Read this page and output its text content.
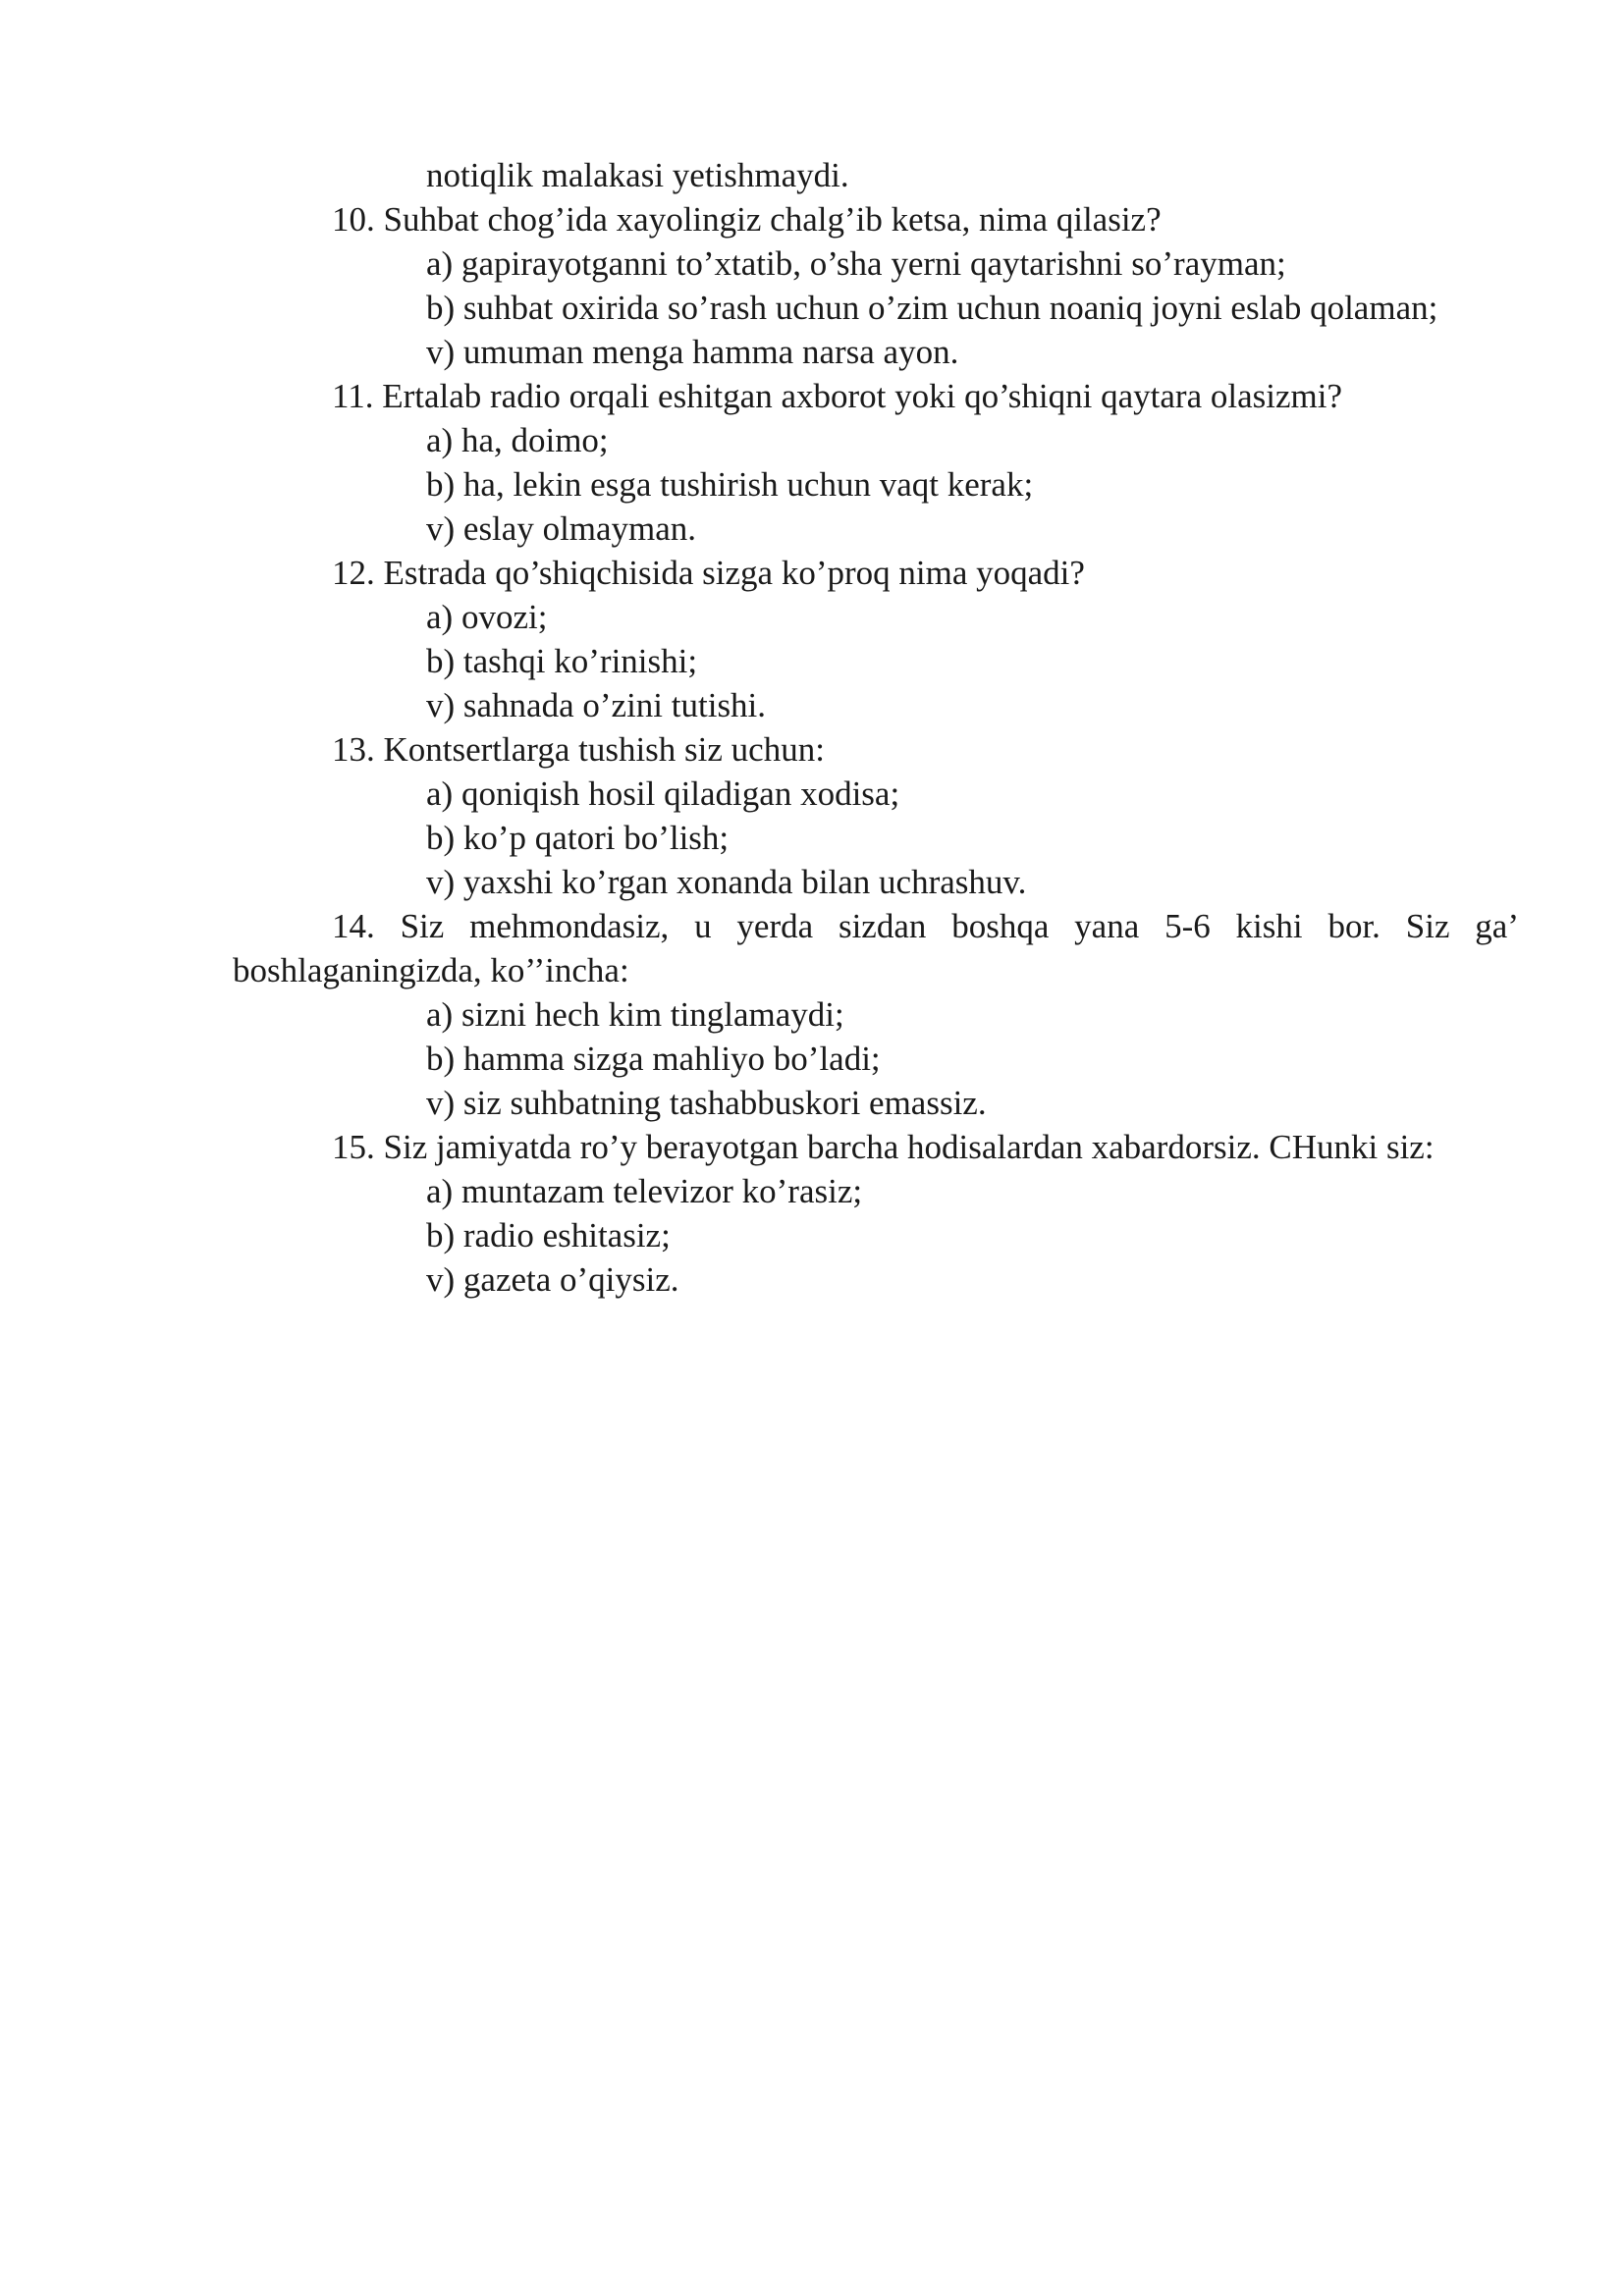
notiqlik malakasi yetishmaydi.

10. Suhbat chog’ida xayolingiz chalg’ib ketsa, nima qilasiz?

a) gapirayotganni to’xtatib, o’sha yerni qaytarishni so’rayman;

b) suhbat oxirida so’rash uchun o’zim uchun noaniq joyni eslab qolaman;

v) umuman menga hamma narsa ayon.

11. Ertalab radio orqali eshitgan axborot yoki qo’shiqni qaytara olasizmi?

a) ha, doimo;

b) ha, lekin esga tushirish uchun vaqt kerak;

v) eslay olmayman.

12. Estrada qo’shiqchisida sizga ko’proq nima yoqadi?

a) ovozi;

b) tashqi ko’rinishi;

v) sahnada o’zini tutishi.

13. Kontsertlarga tushish siz uchun:

a) qoniqish hosil qiladigan xodisa;

b) ko’p qatori bo’lish;

v) yaxshi ko’rgan xonanda bilan uchrashuv.

14. Siz mehmondasiz, u yerda sizdan boshqa yana 5-6 kishi bor. Siz ga’ boshlaganingizda, ko’’incha:

a) sizni hech kim tinglamaydi;

b) hamma sizga mahliyo bo’ladi;

v) siz suhbatning tashabbuskori emassiz.

15. Siz jamiyatda ro’y berayotgan barcha hodisalardan xabardorsiz. CHunki siz:

a) muntazam televizor ko’rasiz;

b) radio eshitasiz;

v) gazeta o’qiysiz.
